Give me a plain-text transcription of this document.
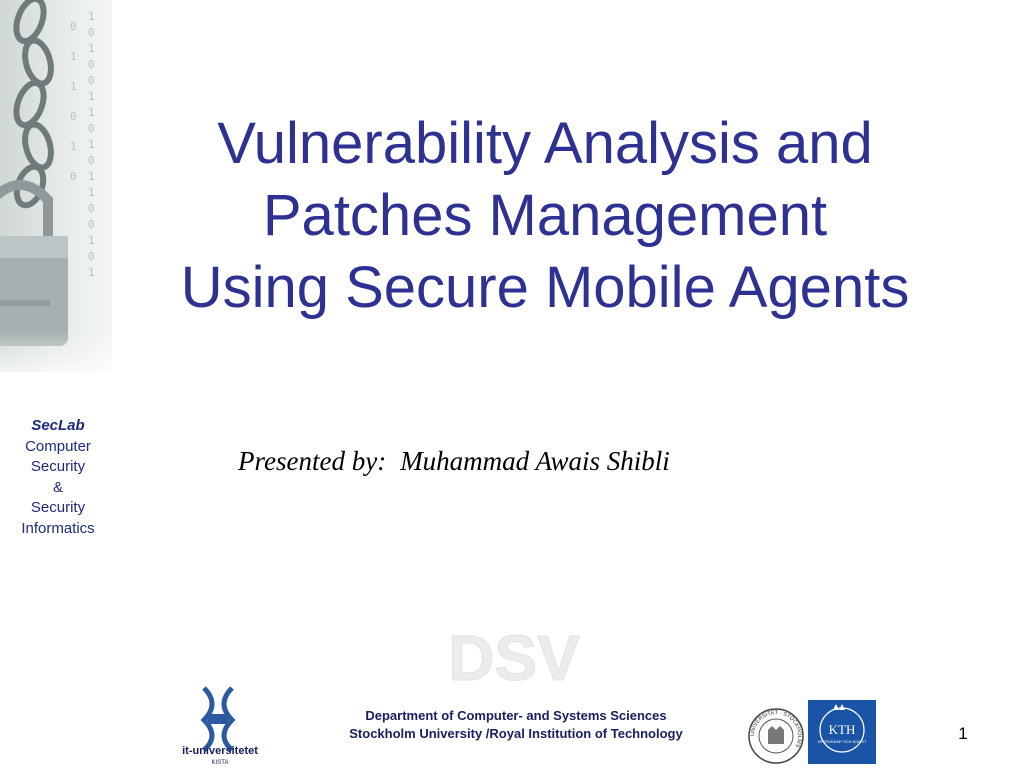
1
0
1
0
0
1
1
0
1
0
1
1
0
0
1
0
1
0
1
1
0
1
0
SecLab
Computer
Security
&
Security
Informatics
Vulnerability Analysis and
Patches Management
Using Secure Mobile Agents
Presented by: Muhammad Awais Shibli
DSV
it-universitetet
KISTA
Department of Computer- and Systems Sciences
Stockholm University /Royal Institution of Technology	UNIVERSITET · STOCKHOLMS ·
KTH
VETENSKAP OCH KONST	1
